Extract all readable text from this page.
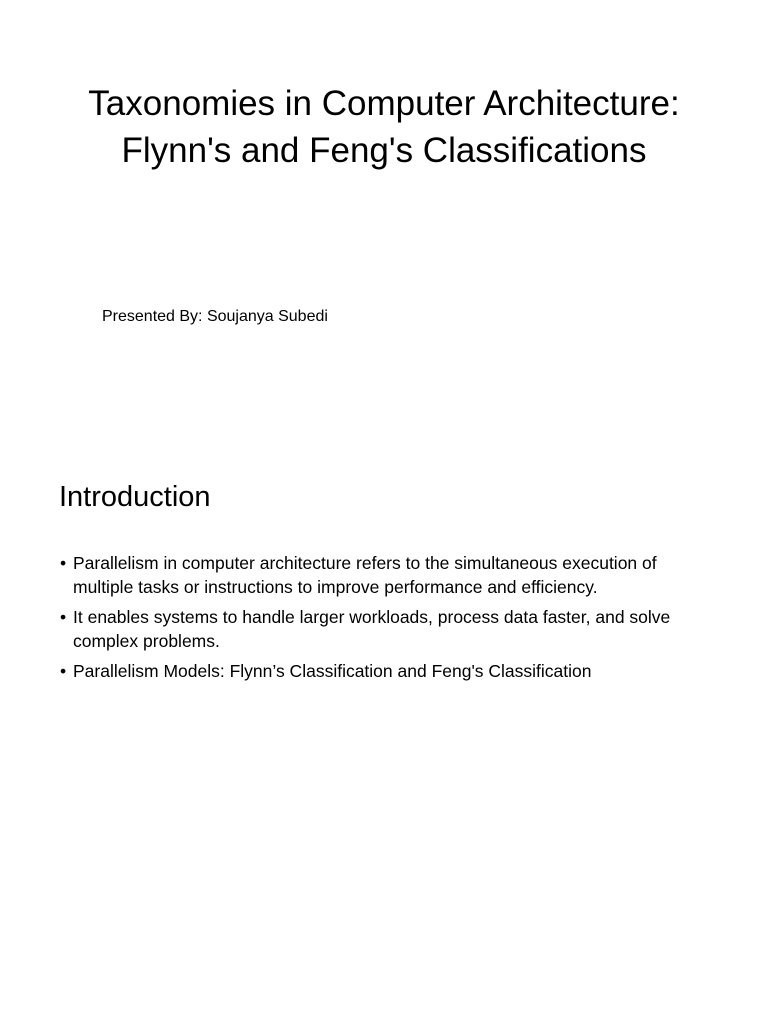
Taxonomies in Computer Architecture: Flynn's and Feng's Classifications

Presented By: Soujanya Subedi

Introduction
• Parallelism in computer architecture refers to the simultaneous execution of multiple tasks or instructions to improve performance and efficiency.
• It enables systems to handle larger workloads, process data faster, and solve complex problems.
• Parallelism Models: Flynn’s Classification and Feng's Classification
